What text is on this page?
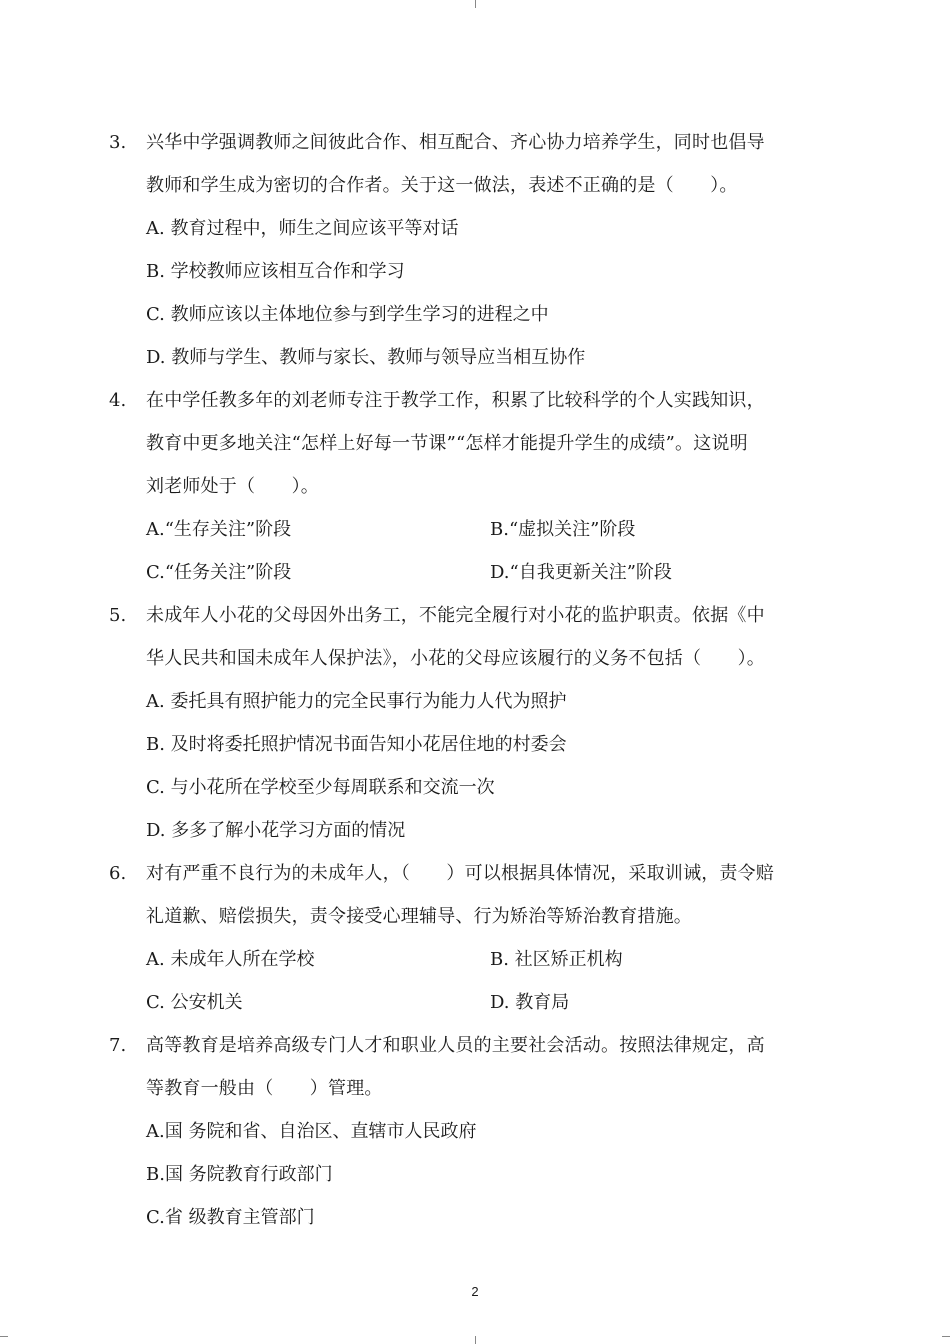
3. 兴华中学强调教师之间彼此合作、相互配合、齐心协力培养学生，同时也倡导
教师和学生成为密切的合作者。关于这一做法，表述不正确的是（　　）。
A. 教育过程中，师生之间应该平等对话
B. 学校教师应该相互合作和学习
C. 教师应该以主体地位参与到学生学习的进程之中
D. 教师与学生、教师与家长、教师与领导应当相互协作
4. 在中学任教多年的刘老师专注于教学工作，积累了比较科学的个人实践知识，
教育中更多地关注“怎样上好每一节课”“怎样才能提升学生的成绩”。这说明
刘老师处于（　　）。
A.“生存关注”阶段	B.“虚拟关注”阶段
C.“任务关注”阶段	D.“自我更新关注”阶段
5. 未成年人小花的父母因外出务工，不能完全履行对小花的监护职责。依据《中
华人民共和国未成年人保护法》，小花的父母应该履行的义务不包括（　　）。
A. 委托具有照护能力的完全民事行为能力人代为照护
B. 及时将委托照护情况书面告知小花居住地的村委会
C. 与小花所在学校至少每周联系和交流一次
D. 多多了解小花学习方面的情况
6. 对有严重不良行为的未成年人，（　　）可以根据具体情况，采取训诫，责令赔
礼道歉、赔偿损失，责令接受心理辅导、行为矫治等矫治教育措施。
A. 未成年人所在学校	B. 社区矫正机构
C. 公安机关	D. 教育局
7. 高等教育是培养高级专门人才和职业人员的主要社会活动。按照法律规定，高
等教育一般由（　　）管理。
A.国 务院和省、自治区、直辖市人民政府
B.国 务院教育行政部门
C.省 级教育主管部门
2
